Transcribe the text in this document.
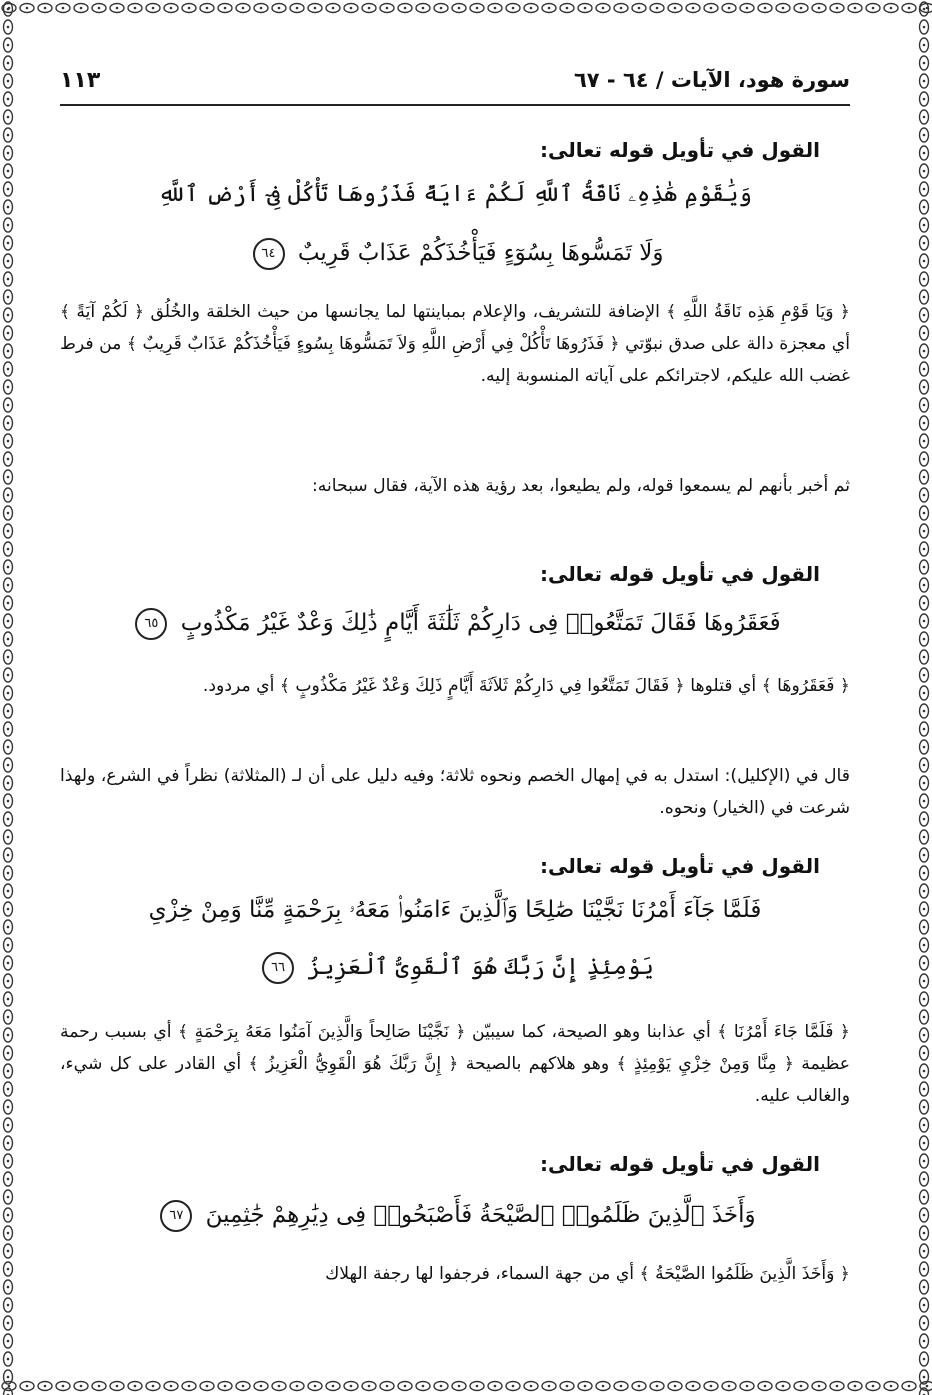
سورة هود، الآيات / ٦٤ - ٦٧
١١٣
القول في تأويل قوله تعالى:
وَيَٰقَوْمِ هَٰذِهِۦ نَاقَةُ ٱللَّهِ لَكُمْ ءَايَةً فَذَرُوهَا تَأْكُلْ فِىٓ أَرْضِ ٱللَّهِ
وَلَا تَمَسُّوهَا بِسُوٓءٍ فَيَأْخُذَكُمْ عَذَابٌ قَرِيبٌ ٦٤
﴿ وَيَا قَوْمِ هَذِه نَاقَةُ اللَّهِ ﴾ الإضافة للتشريف، والإعلام بمباينتها لما يجانسها من حيث الخلقة والخُلُق ﴿ لَكُمْ آيَةً ﴾ أي معجزة دالة على صدق نبوّتي ﴿ فَذَرُوهَا تَأْكُلْ فِي أَرْضِ اللَّهِ وَلاَ تَمَسُّوهَا بِسُوءٍ فَيَأْخُذَكُمْ عَذَابٌ قَرِيبٌ ﴾ من فرط غضب الله عليكم، لاجترائكم على آياته المنسوبة إليه.
ثم أخبر بأنهم لم يسمعوا قوله، ولم يطيعوا، بعد رؤية هذه الآية، فقال سبحانه:
القول في تأويل قوله تعالى:
فَعَقَرُوهَا فَقَالَ تَمَتَّعُوا۟ فِى دَارِكُمْ ثَلَٰثَةَ أَيَّامٍ ذَٰلِكَ وَعْدٌ غَيْرُ مَكْذُوبٍ ٦٥
﴿ فَعَقَرُوهَا ﴾ أي قتلوها ﴿ فَقَالَ تَمَتَّعُوا فِي دَارِكُمْ ثَلاَثَةَ أَيَّامٍ ذَلِكَ وَعْدٌ غَيْرُ مَكْذُوبٍ ﴾ أي مردود.
قال في (الإكليل): استدل به في إمهال الخصم ونحوه ثلاثة؛ وفيه دليل على أن لـ (المثلاثة) نظراً في الشرع، ولهذا شرعت في (الخيار) ونحوه.
القول في تأويل قوله تعالى:
فَلَمَّا جَآءَ أَمْرُنَا نَجَّيْنَا صَٰلِحًا وَٱلَّذِينَ ءَامَنُوا۟ مَعَهُۥ بِرَحْمَةٍ مِّنَّا وَمِنْ خِزْىِ
يَوْمِئِذٍ إِنَّ رَبَّكَ هُوَ ٱلْقَوِىُّ ٱلْعَزِيزُ ٦٦
﴿ فَلَمَّا جَاءَ أَمْرُنَا ﴾ أي عذابنا وهو الصيحة، كما سيبيّن ﴿ نَجَّيْنَا صَالِحاً وَالَّذِينَ آمَنُوا مَعَهُ بِرَحْمَةٍ ﴾ أي بسبب رحمة عظيمة ﴿ مِنَّا وَمِنْ خِزْيِ يَوْمِئِذٍ ﴾ وهو هلاكهم بالصيحة ﴿ إِنَّ رَبَّكَ هُوَ الْقَوِيُّ الْعَزِيزُ ﴾ أي القادر على كل شيء، والغالب عليه.
القول في تأويل قوله تعالى:
وَأَخَذَ ٱلَّذِينَ ظَلَمُوا۟ ٱلصَّيْحَةُ فَأَصْبَحُوا۟ فِى دِيَٰرِهِمْ جَٰثِمِينَ ٦٧
﴿ وَأَخَذَ الَّذِينَ ظَلَمُوا الصَّيْحَةُ ﴾ أي من جهة السماء، فرجفوا لها رجفة الهلاك
